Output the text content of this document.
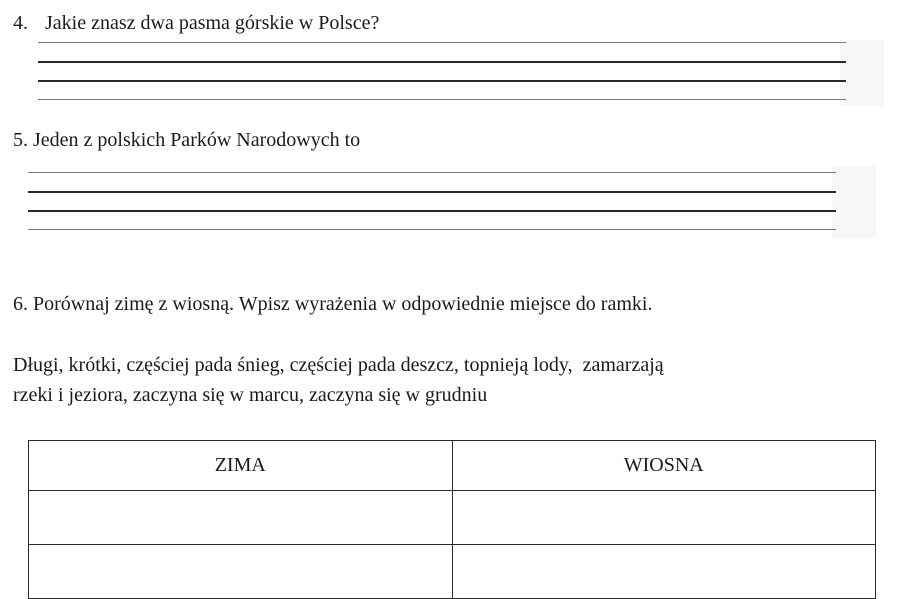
4. Jakie znasz dwa pasma górskie w Polsce?
5. Jeden z polskich Parków Narodowych to
6. Porównaj zimę z wiosną. Wpisz wyrażenia w odpowiednie miejsce do ramki.
Długi, krótki, częściej pada śnieg, częściej pada deszcz, topnieją lody,  zamarzają
rzeki i jeziora, zaczyna się w marcu, zaczyna się w grudniu
ZIMA	WIOSNA
